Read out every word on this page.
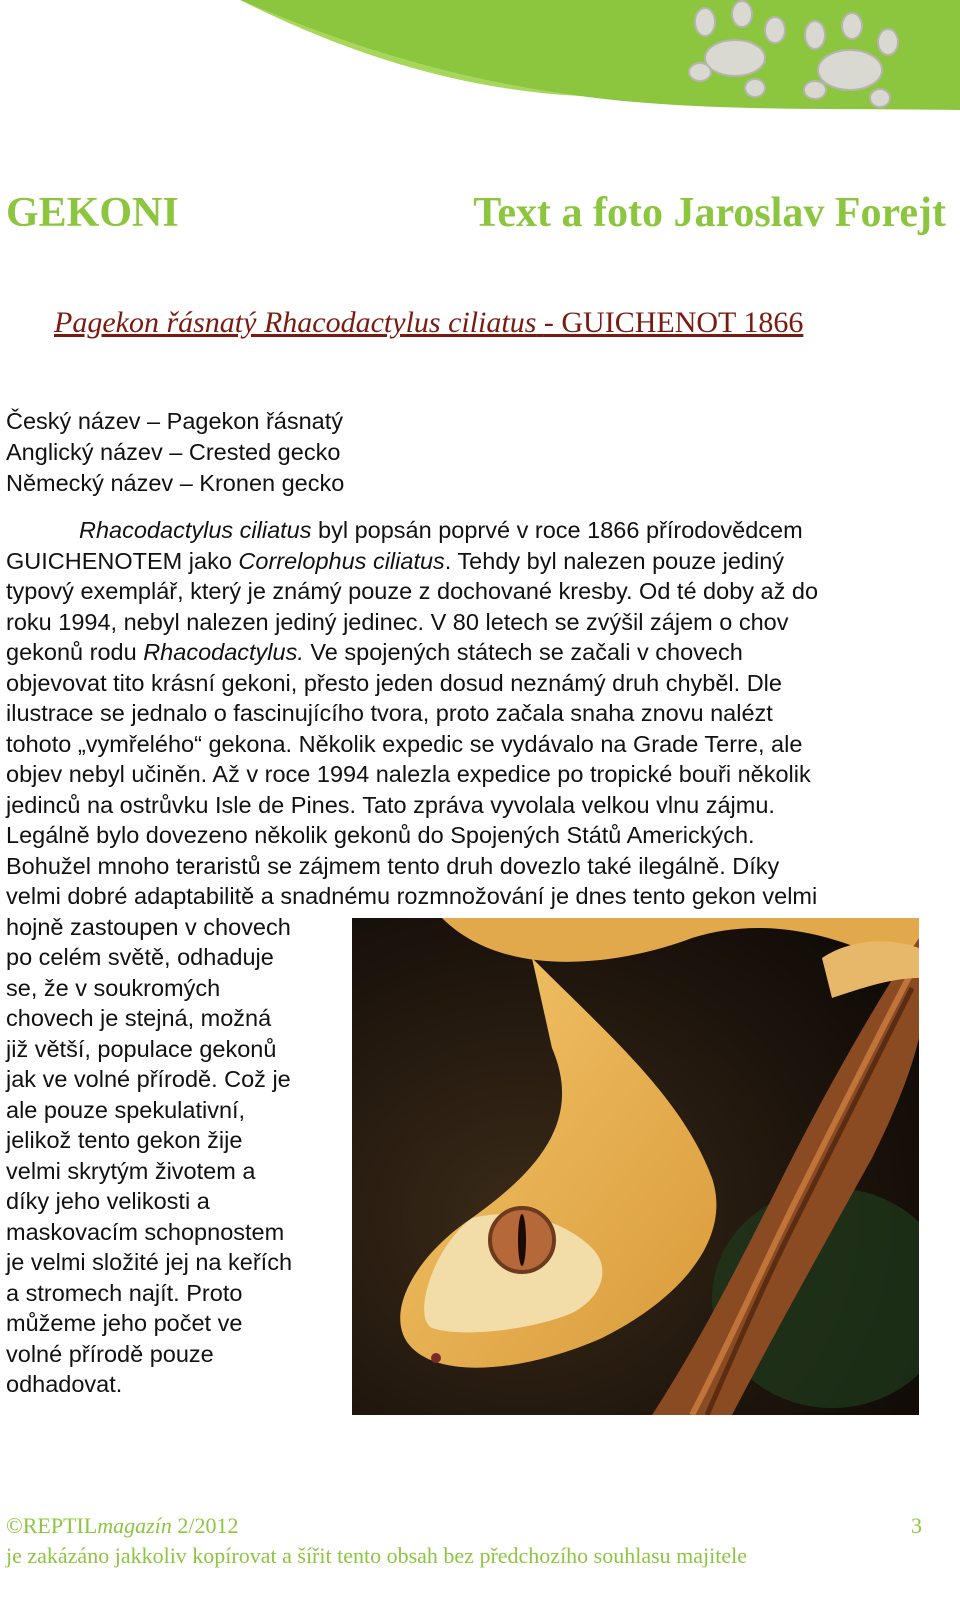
GEKONI	Text a foto Jaroslav Forejt

Pagekon řásnatý Rhacodactylus ciliatus - GUICHENOT 1866

Český název – Pagekon řásnatý
Anglický název – Crested gecko
Německý název – Kronen gecko
Rhacodactylus ciliatus byl popsán poprvé v roce 1866 přírodovědcem
GUICHENOTEM jako Correlophus ciliatus. Tehdy byl nalezen pouze jediný
typový exemplář, který je známý pouze z dochované kresby. Od té doby až do
roku 1994, nebyl nalezen jediný jedinec. V 80 letech se zvýšil zájem o chov
gekonů rodu Rhacodactylus. Ve spojených státech se začali v chovech
objevovat tito krásní gekoni, přesto jeden dosud neznámý druh chyběl. Dle
ilustrace se jednalo o fascinujícího tvora, proto začala snaha znovu nalézt
tohoto „vymřelého“ gekona. Několik expedic se vydávalo na Grade Terre, ale
objev nebyl učiněn. Až v roce 1994 nalezla expedice po tropické bouři několik
jedinců na ostrůvku Isle de Pines. Tato zpráva vyvolala velkou vlnu zájmu.
Legálně bylo dovezeno několik gekonů do Spojených Států Amerických.
Bohužel mnoho teraristů se zájmem tento druh dovezlo také ilegálně. Díky
velmi dobré adaptabilitě a snadnému rozmnožování je dnes tento gekon velmi
hojně zastoupen v chovech
po celém světě, odhaduje
se, že v soukromých
chovech je stejná, možná
již větší, populace gekonů
jak ve volné přírodě. Což je
ale pouze spekulativní,
jelikož tento gekon žije
velmi skrytým životem a
díky jeho velikosti a
maskovacím schopnostem
je velmi složité jej na keřích
a stromech najít. Proto
můžeme jeho počet ve
volné přírodě pouze
odhadovat.
©REPTILmagazín 2/2012	3
je zakázáno jakkoliv kopírovat a šířit tento obsah bez předchozího souhlasu majitele
